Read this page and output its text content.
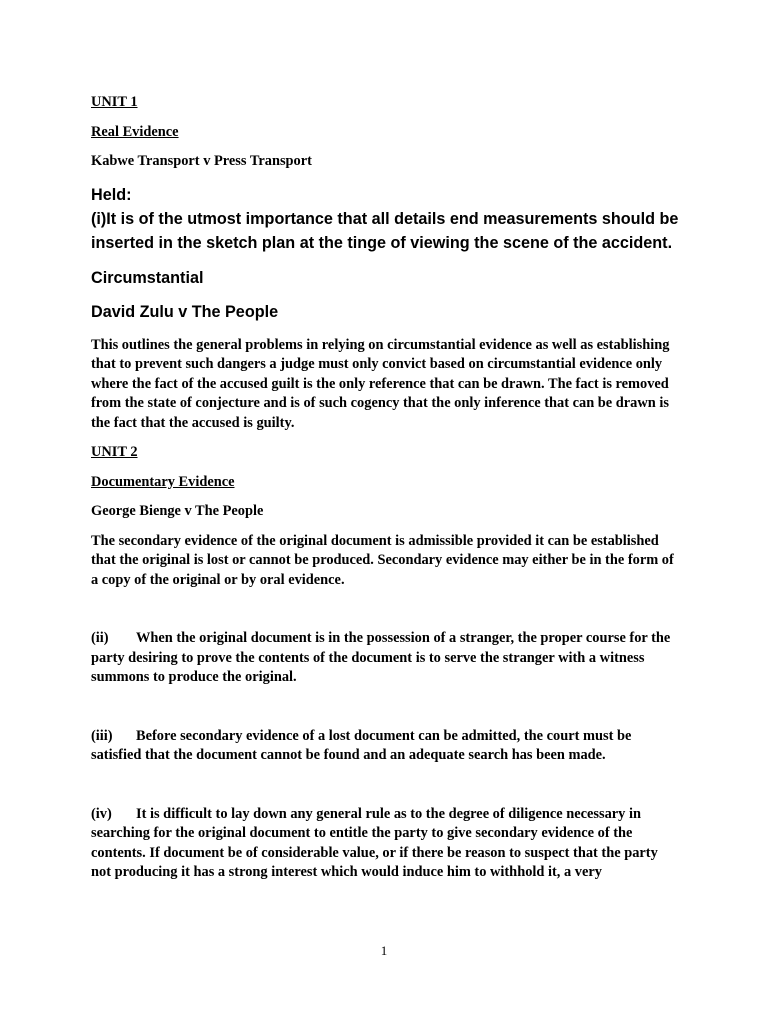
UNIT 1

Real Evidence

Kabwe Transport v Press Transport

Held:

(i)It is of the utmost importance that all details end measurements should be inserted in the sketch plan at the tinge of viewing the scene of the accident.

Circumstantial

David Zulu v The People

This outlines the general problems in relying on circumstantial evidence as well as establishing that to prevent such dangers a judge must only convict based on circumstantial evidence only where the fact of the accused guilt is the only reference that can be drawn. The fact is removed from the state of conjecture and is of such cogency that the only inference that can be drawn is the fact that the accused is guilty.

UNIT 2

Documentary Evidence

George Bienge v The People

The secondary evidence of the original document is admissible provided it can be established that the original is lost or cannot be produced. Secondary evidence may either be in the form of a copy of the original or by oral evidence.

(ii) When the original document is in the possession of a stranger, the proper course for the party desiring to prove the contents of the document is to serve the stranger with a witness summons to produce the original.

(iii) Before secondary evidence of a lost document can be admitted, the court must be satisfied that the document cannot be found and an adequate search has been made.

(iv) It is difficult to lay down any general rule as to the degree of diligence necessary in searching for the original document to entitle the party to give secondary evidence of the contents. If document be of considerable value, or if there be reason to suspect that the party not producing it has a strong interest which would induce him to withhold it, a very

1
